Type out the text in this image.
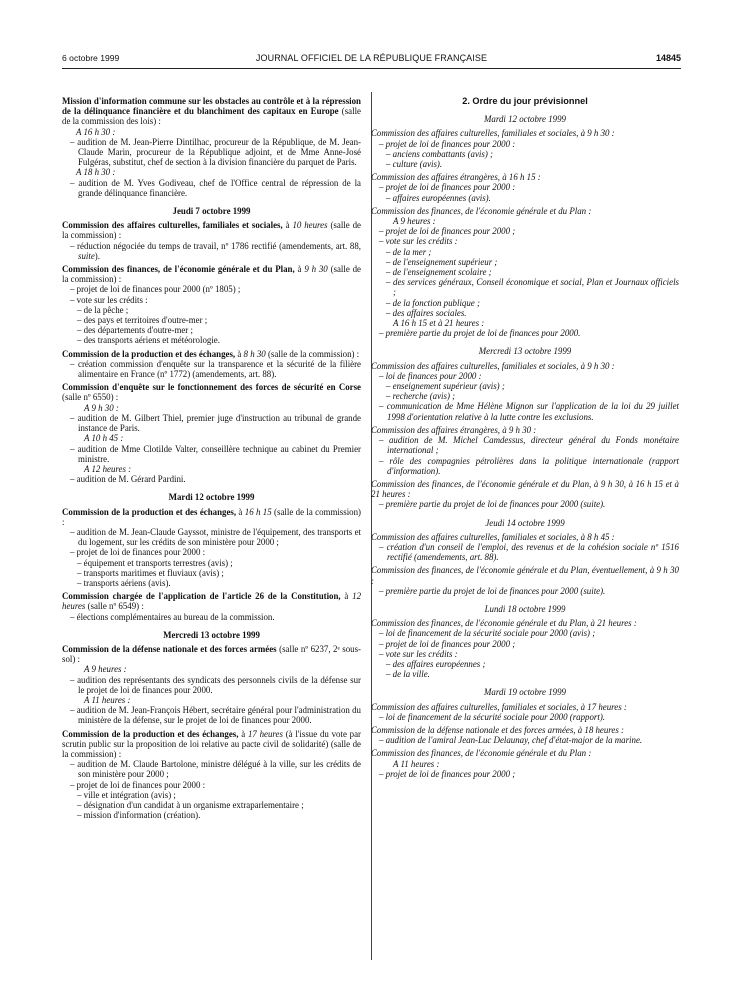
6 octobre 1999	JOURNAL OFFICIEL DE LA RÉPUBLIQUE FRANÇAISE	14845

Mission d'information commune sur les obstacles au contrôle et à la répression de la délinquance financière et du blanchiment des capitaux en Europe (salle de la commission des lois) :

A 16 h 30 :

– audition de M. Jean-Pierre Dintilhac, procureur de la République, de M. Jean-Claude Marin, procureur de la République adjoint, et de Mme Anne-José Fulgéras, substitut, chef de section à la division financière du parquet de Paris.

A 18 h 30 :

– audition de M. Yves Godiveau, chef de l'Office central de répression de la grande délinquance financière.

Jeudi 7 octobre 1999

Commission des affaires culturelles, familiales et sociales, à 10 heures (salle de la commission) :

– réduction négociée du temps de travail, nº 1786 rectifié (amendements, art. 88, suite).

Commission des finances, de l'économie générale et du Plan, à 9 h 30 (salle de la commission) :

– projet de loi de finances pour 2000 (nº 1805) ;

– vote sur les crédits :

– de la pêche ;

– des pays et territoires d'outre-mer ;

– des départements d'outre-mer ;

– des transports aériens et météorologie.

Commission de la production et des échanges, à 8 h 30 (salle de la commission) :

– création commission d'enquête sur la transparence et la sécurité de la filière alimentaire en France (nº 1772) (amendements, art. 88).

Commission d'enquête sur le fonctionnement des forces de sécurité en Corse (salle nº 6550) :

A 9 h 30 :

– audition de M. Gilbert Thiel, premier juge d'instruction au tribunal de grande instance de Paris.

A 10 h 45 :

– audition de Mme Clotilde Valter, conseillère technique au cabinet du Premier ministre.

A 12 heures :

– audition de M. Gérard Pardini.

Mardi 12 octobre 1999

Commission de la production et des échanges, à 16 h 15 (salle de la commission) :

– audition de M. Jean-Claude Gayssot, ministre de l'équipement, des transports et du logement, sur les crédits de son ministère pour 2000 ;

– projet de loi de finances pour 2000 :

– équipement et transports terrestres (avis) ;

– transports maritimes et fluviaux (avis) ;

– transports aériens (avis).

Commission chargée de l'application de l'article 26 de la Constitution, à 12 heures (salle nº 6549) :

– élections complémentaires au bureau de la commission.

Mercredi 13 octobre 1999

Commission de la défense nationale et des forces armées (salle nº 6237, 2ᵉ sous-sol) :

A 9 heures :

– audition des représentants des syndicats des personnels civils de la défense sur le projet de loi de finances pour 2000.

A 11 heures :

– audition de M. Jean-François Hébert, secrétaire général pour l'administration du ministère de la défense, sur le projet de loi de finances pour 2000.

Commission de la production et des échanges, à 17 heures (à l'issue du vote par scrutin public sur la proposition de loi relative au pacte civil de solidarité) (salle de la commission) :

– audition de M. Claude Bartolone, ministre délégué à la ville, sur les crédits de son ministère pour 2000 ;

– projet de loi de finances pour 2000 :

– ville et intégration (avis) ;

– désignation d'un candidat à un organisme extraparlementaire ;

– mission d'information (création).

2. Ordre du jour prévisionnel

Mardi 12 octobre 1999

Commission des affaires culturelles, familiales et sociales, à 9 h 30 :

– projet de loi de finances pour 2000 :

– anciens combattants (avis) ;

– culture (avis).

Commission des affaires étrangères, à 16 h 15 :

– projet de loi de finances pour 2000 :

– affaires européennes (avis).

Commission des finances, de l'économie générale et du Plan :

A 9 heures :

– projet de loi de finances pour 2000 ;

– vote sur les crédits :

– de la mer ;

– de l'enseignement supérieur ;

– de l'enseignement scolaire ;

– des services généraux, Conseil économique et social, Plan et Journaux officiels ;

– de la fonction publique ;

– des affaires sociales.

A 16 h 15 et à 21 heures :

– première partie du projet de loi de finances pour 2000.

Mercredi 13 octobre 1999

Commission des affaires culturelles, familiales et sociales, à 9 h 30 :

– loi de finances pour 2000 :

– enseignement supérieur (avis) ;

– recherche (avis) ;

– communication de Mme Hélène Mignon sur l'application de la loi du 29 juillet 1998 d'orientation relative à la lutte contre les exclusions.

Commission des affaires étrangères, à 9 h 30 :

– audition de M. Michel Camdessus, directeur général du Fonds monétaire international ;

– rôle des compagnies pétrolières dans la politique internationale (rapport d'information).

Commission des finances, de l'économie générale et du Plan, à 9 h 30, à 16 h 15 et à 21 heures :

– première partie du projet de loi de finances pour 2000 (suite).

Jeudi 14 octobre 1999

Commission des affaires culturelles, familiales et sociales, à 8 h 45 :

– création d'un conseil de l'emploi, des revenus et de la cohésion sociale nº 1516 rectifié (amendements, art. 88).

Commission des finances, de l'économie générale et du Plan, éventuellement, à 9 h 30 :

– première partie du projet de loi de finances pour 2000 (suite).

Lundi 18 octobre 1999

Commission des finances, de l'économie générale et du Plan, à 21 heures :

– loi de financement de la sécurité sociale pour 2000 (avis) ;

– projet de loi de finances pour 2000 ;

– vote sur les crédits :

– des affaires européennes ;

– de la ville.

Mardi 19 octobre 1999

Commission des affaires culturelles, familiales et sociales, à 17 heures :

– loi de financement de la sécurité sociale pour 2000 (rapport).

Commission de la défense nationale et des forces armées, à 18 heures :

– audition de l'amiral Jean-Luc Delaunay, chef d'état-major de la marine.

Commission des finances, de l'économie générale et du Plan :

A 11 heures :

– projet de loi de finances pour 2000 ;
